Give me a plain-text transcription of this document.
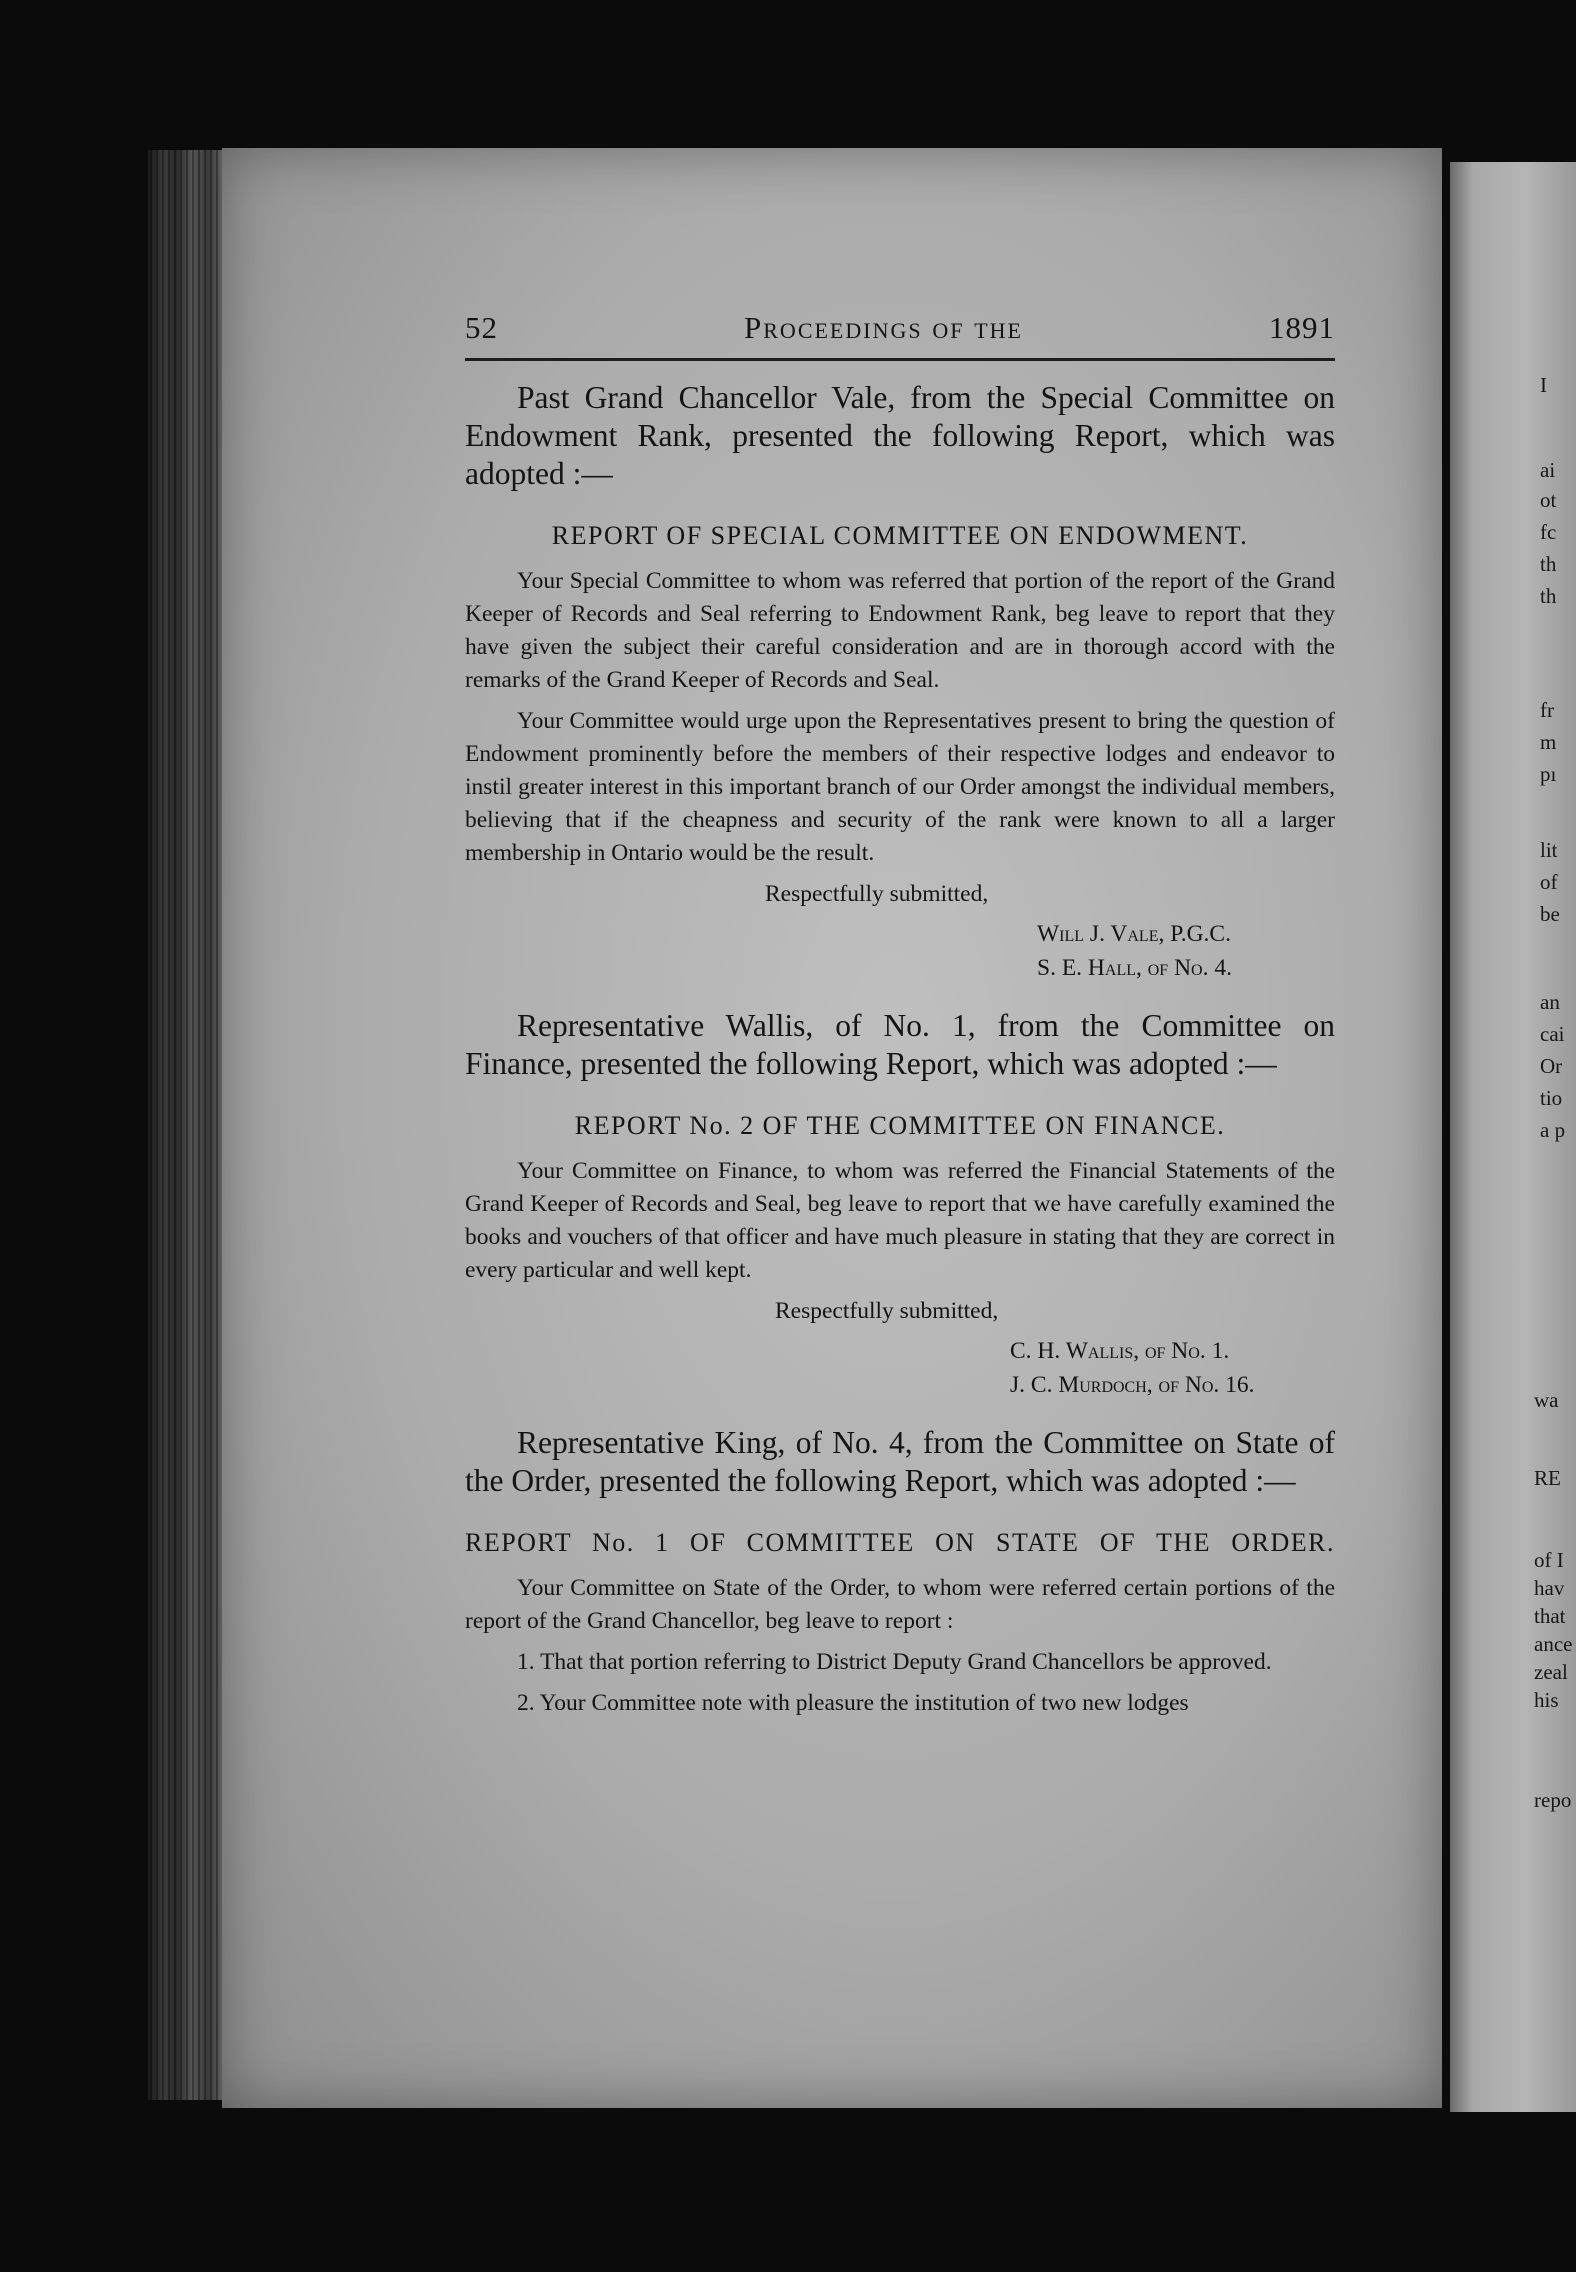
I
ai
ot
fc
th
th
fr
m
pı
lit
of
be
an
cai
Or
tio
a p
wa
RE
of I
hav
that
ance
zeal
his
repo
52	Proceedings of the	1891

Past Grand Chancellor Vale, from the Special Committee on Endowment Rank, presented the following Report, which was adopted :—

REPORT OF SPECIAL COMMITTEE ON ENDOWMENT.

Your Special Committee to whom was referred that portion of the report of the Grand Keeper of Records and Seal referring to Endowment Rank, beg leave to report that they have given the subject their careful consideration and are in thorough accord with the remarks of the Grand Keeper of Records and Seal.

Your Committee would urge upon the Representatives present to bring the question of Endowment prominently before the members of their respective lodges and endeavor to instil greater interest in this important branch of our Order amongst the individual members, believing that if the cheapness and security of the rank were known to all a larger membership in Ontario would be the result.

Respectfully submitted,
Will J. Vale, P.G.C.
S. E. Hall, of No. 4.

Representative Wallis, of No. 1, from the Committee on Finance, presented the following Report, which was adopted :—

REPORT No. 2 OF THE COMMITTEE ON FINANCE.

Your Committee on Finance, to whom was referred the Financial Statements of the Grand Keeper of Records and Seal, beg leave to report that we have carefully examined the books and vouchers of that officer and have much pleasure in stating that they are correct in every particular and well kept.

Respectfully submitted,
C. H. Wallis, of No. 1.
J. C. Murdoch, of No. 16.

Representative King, of No. 4, from the Committee on State of the Order, presented the following Report, which was adopted :—

REPORT No. 1 OF COMMITTEE ON STATE OF THE ORDER.

Your Committee on State of the Order, to whom were referred certain portions of the report of the Grand Chancellor, beg leave to report :

1. That that portion referring to District Deputy Grand Chancellors be approved.

2. Your Committee note with pleasure the institution of two new lodges
